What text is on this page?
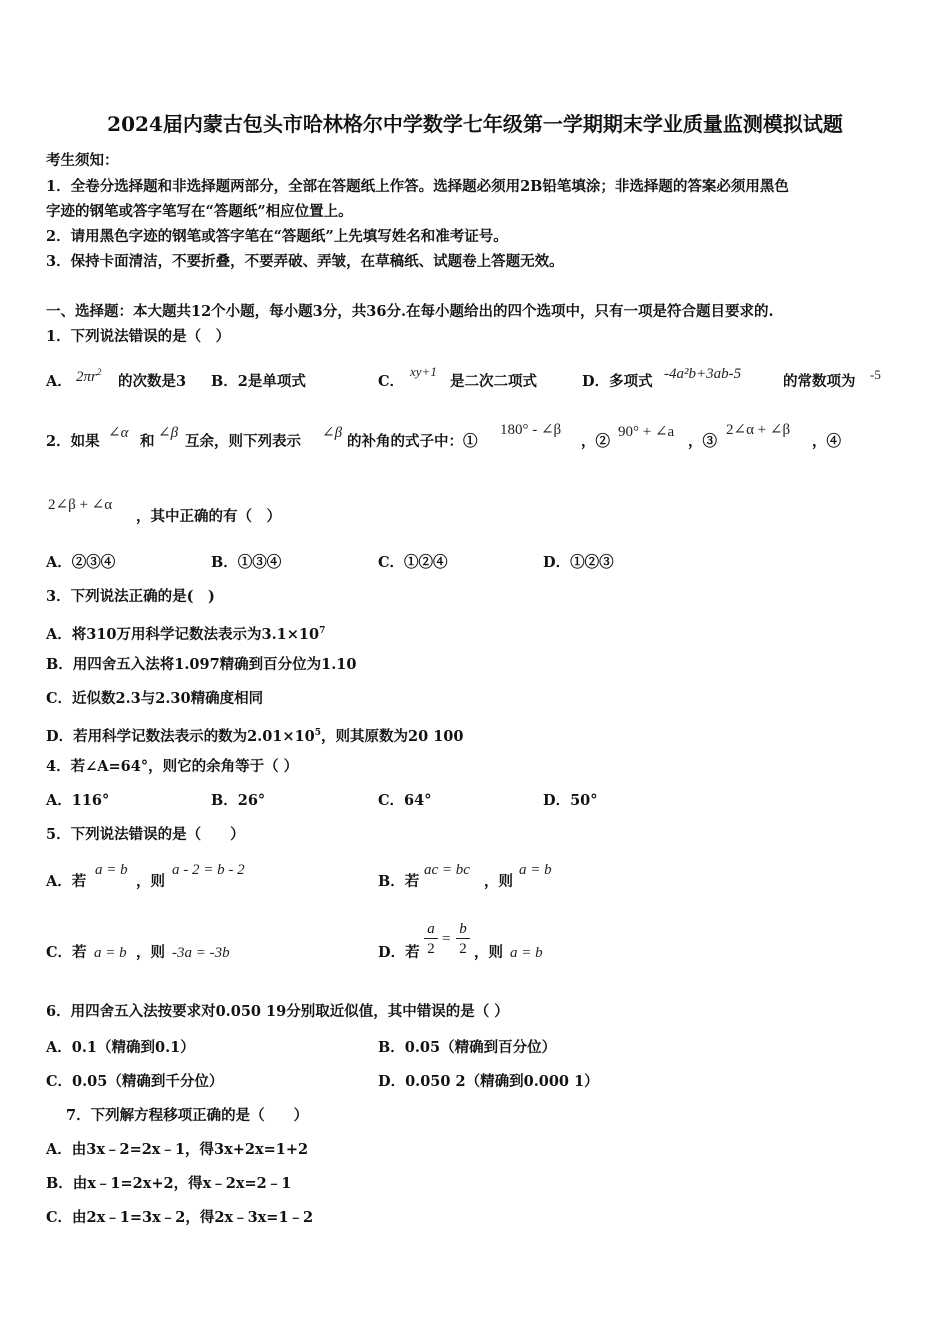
2024届内蒙古包头市哈林格尔中学数学七年级第一学期期末学业质量监测模拟试题
考生须知：
1．全卷分选择题和非选择题两部分，全部在答题纸上作答。选择题必须用2B铅笔填涂；非选择题的答案必须用黑色
字迹的钢笔或答字笔写在“答题纸”相应位置上。
2．请用黑色字迹的钢笔或答字笔在“答题纸”上先填写姓名和准考证号。
3．保持卡面清洁，不要折叠，不要弄破、弄皱，在草稿纸、试题卷上答题无效。
一、选择题：本大题共12个小题，每小题3分，共36分.在每小题给出的四个选项中，只有一项是符合题目要求的.
1．下列说法错误的是（　）
A． $2\pi r^2$
的次数是3 B．2是单项式	C．
xy+1
是二次二项式	D．多项式 -4a²b+3ab-5	的常数项为 -5
2．如果 ∠α 和 ∠β 互余，则下列表示 ∠β 的补角的式子中：①
180° - ∠β
，②
90° + ∠a
，③
2∠α + ∠β
，④
2∠β + ∠α
，其中正确的有（　）
A．②③④	B．①③④	C．①②④	D．①②③
3．下列说法正确的是(　)
A．将310万用科学记数法表示为$3.1\times 10^7$
B．用四舍五入法将1.097精确到百分位为1.10
C．近似数2.3与2.30精确度相同
D．若用科学记数法表示的数为$2.01\times 10^5$，则其原数为20 100
4．若∠A=64°，则它的余角等于（ ）
A．116°	B．26°	C．64°	D．50°
5．下列说法错误的是（　　）
A．若
a = b
，则
a - 2 = b - 2
B．若
ac = bc
，则
a = b
C．若 a = b ，则 -3a = -3b	D．若 $\frac{a}{2} = \frac{b}{2}$ ，则 a = b
6．用四舍五入法按要求对0.050 19分别取近似值，其中错误的是（ ）
A．0.1（精确到0.1）	B．0.05（精确到百分位）
C．0.05（精确到千分位）	D．0.050 2（精确到0.000 1）
7．下列解方程移项正确的是（　　）
A．由3x﹣2=2x﹣1，得3x+2x=1+2
B．由x﹣1=2x+2，得x﹣2x=2﹣1
C．由2x﹣1=3x﹣2，得2x﹣3x=1﹣2
